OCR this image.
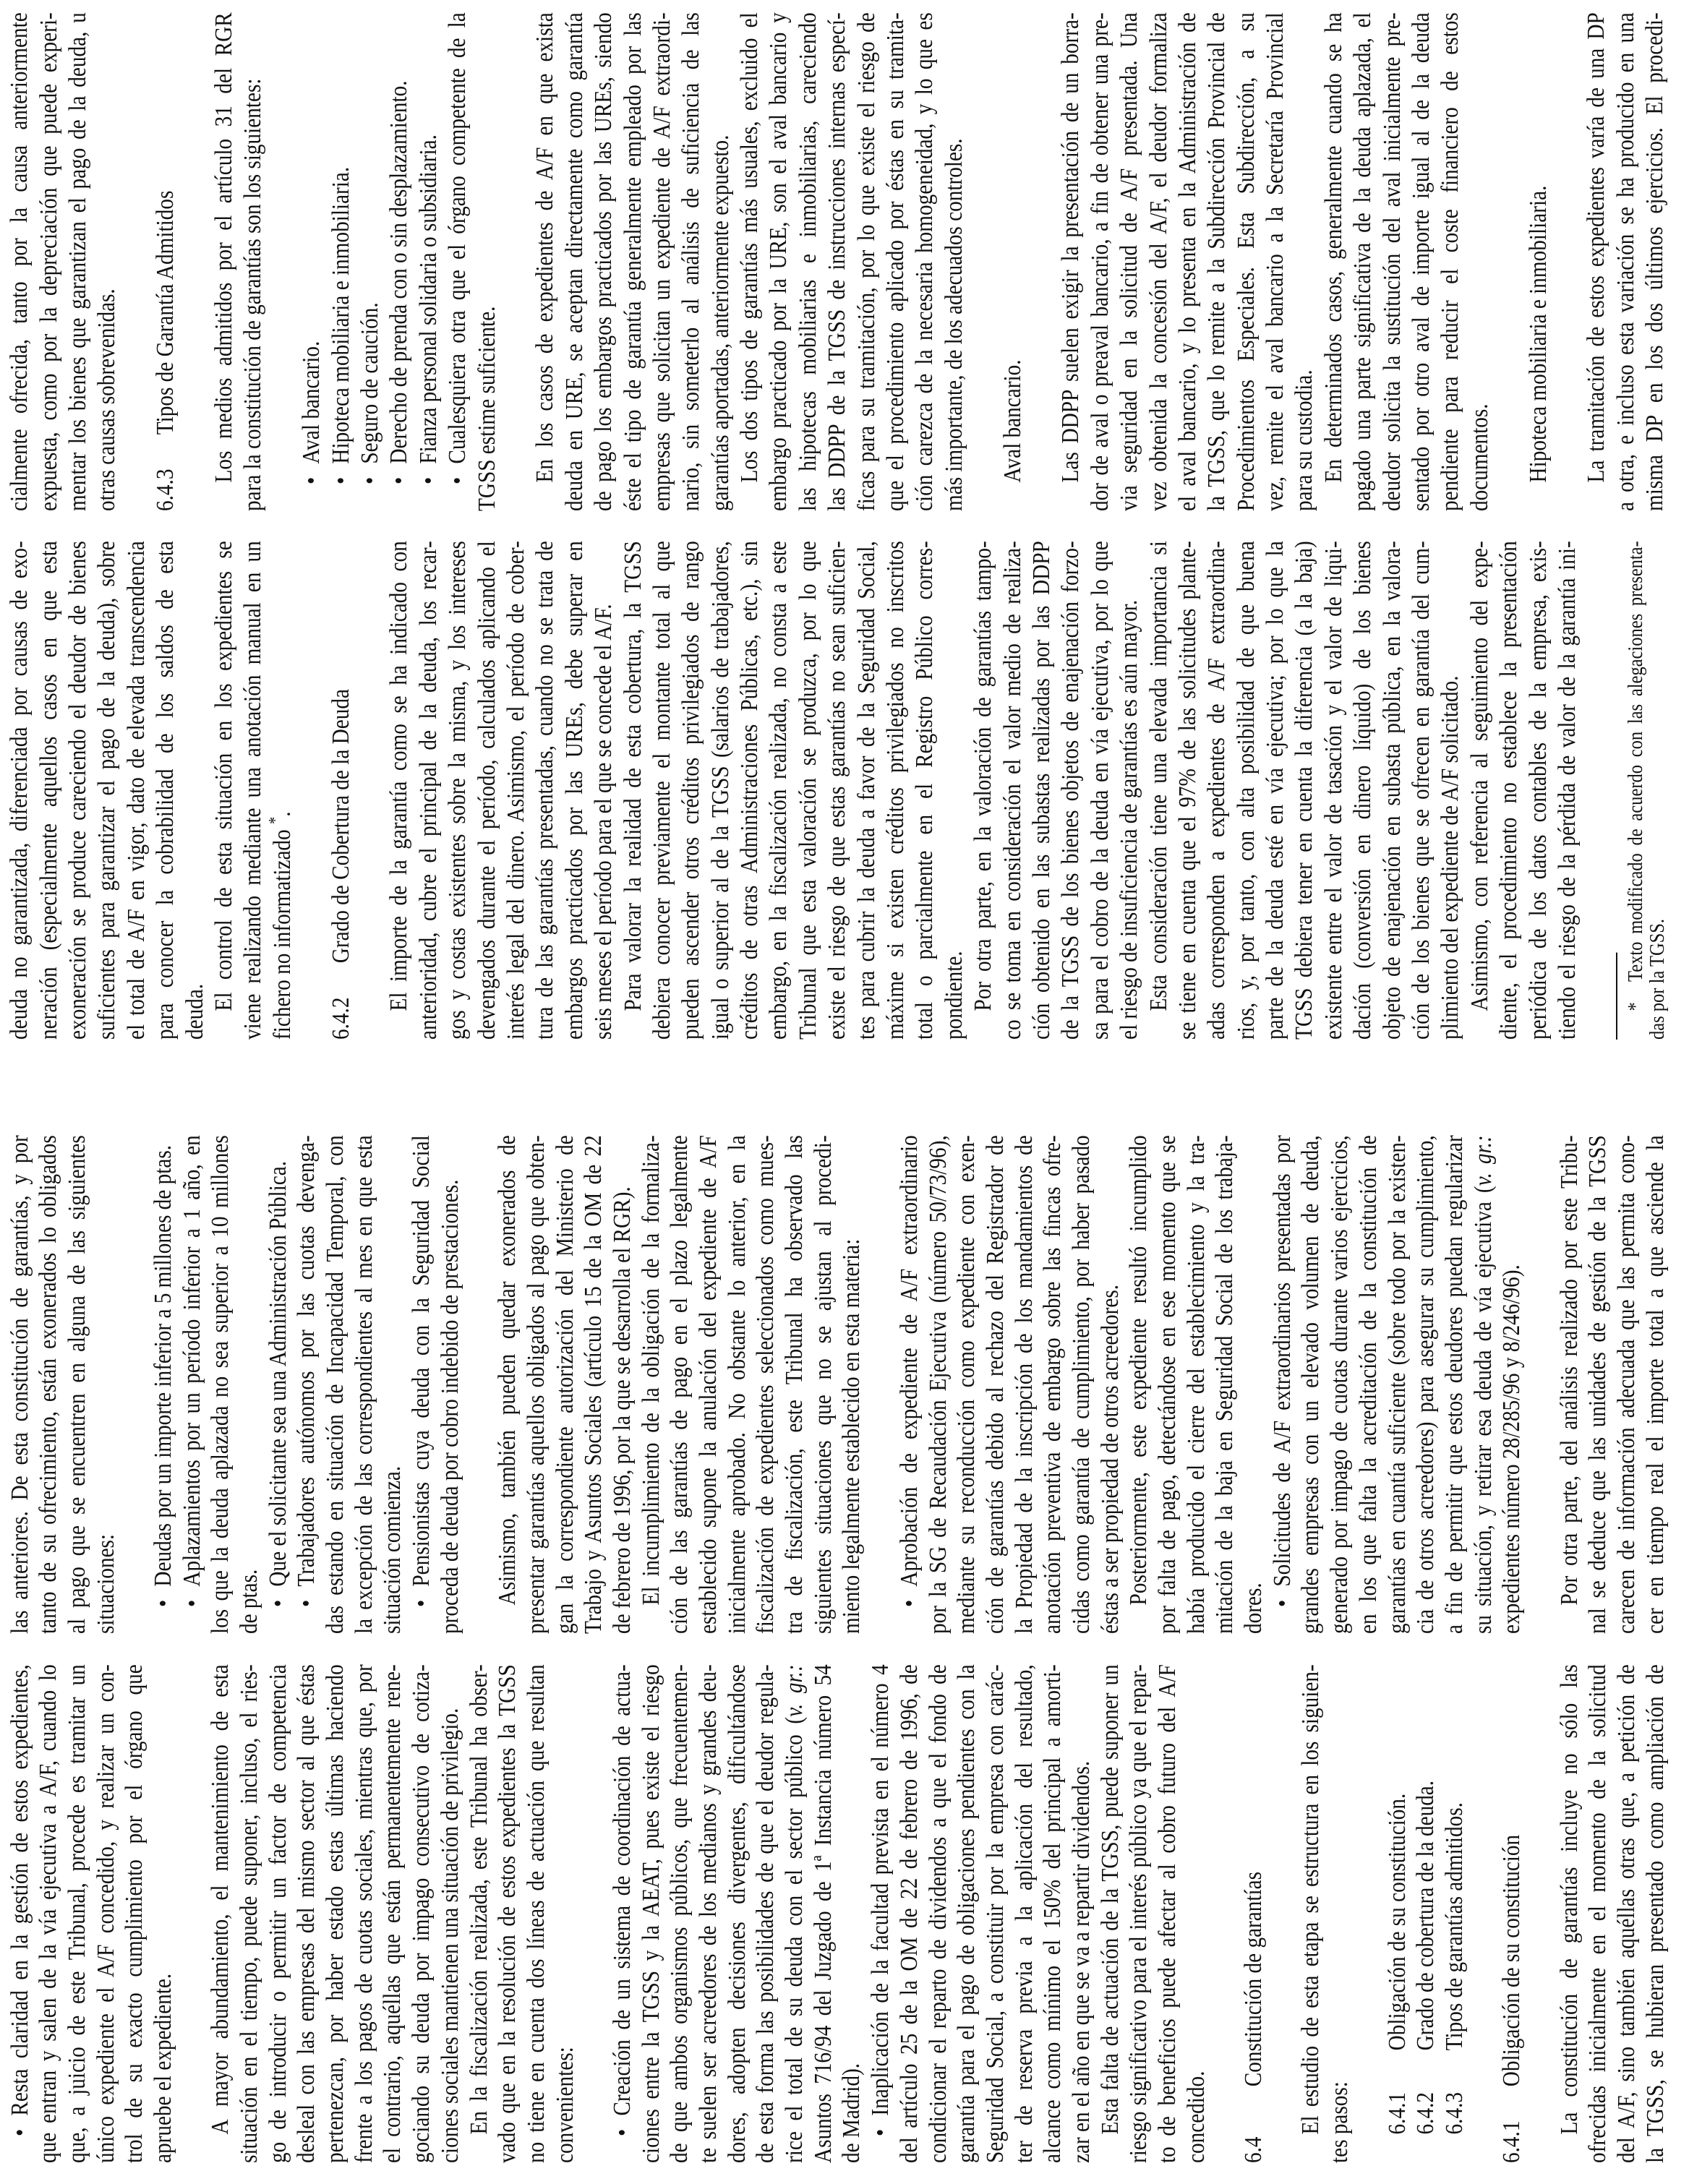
•
Resta claridad en la gestión de estos expedientes, que entran y salen de la vía ejecutiva a A/F, cuando lo que, a juicio de este Tribunal, procede es tramitar un único expediente el A/F concedido, y realizar un con- trol de su exacto cumplimiento por el órgano que apruebe el expediente. A mayor abundamiento, el mantenimiento de esta situación en el tiempo, puede suponer, incluso, el ries- go de introducir o permitir un factor de competencia desleal con las empresas del mismo sector al que éstas pertenezcan, por haber estado estas últimas haciendo frente a los pagos de cuotas sociales, mientras que, por el contrario, aquéllas que están permanentemente rene- gociando su deuda por impago consecutivo de cotiza- ciones sociales mantienen una situación de privilegio. En la fiscalización realizada, este Tribunal ha obser- vado que en la resolución de estos expedientes la TGSS no tiene en cuenta dos líneas de actuación que resultan convenientes: •
Creación de un sistema de coordinación de actua- ciones entre la TGSS y la AEAT, pues existe el riesgo de que ambos organismos públicos, que frecuentemen- te suelen ser acreedores de los medianos y grandes deu- dores, adopten decisiones divergentes, dificultándose de esta forma las posibilidades de que el deudor regula- rice el total de su deuda con el sector público (v. gr.: Asuntos 716/94 del Juzgado de 1ª Instancia número 54 de Madrid). •
Inaplicación de la facultad prevista en el número 4 del artículo 25 de la OM de 22 de febrero de 1996, de condicionar el reparto de dividendos a que el fondo de garantía para el pago de obligaciones pendientes con la Seguridad Social, a constituir por la empresa con carác- ter de reserva previa a la aplicación del resultado, alcance como mínimo el 150% del principal a amorti- zar en el año en que se va a repartir dividendos. Esta falta de actuación de la TGSS, puede suponer un riesgo significativo para el interés público ya que el repar- to de beneficios puede afectar al cobro futuro del A/F concedido. 6.4Constitución de garantías El estudio de esta etapa se estructura en los siguien- tes pasos: 6.4.1Obligación de su constitución.
6.4.2Grado de cobertura de la deuda.
6.4.3Tipos de garantías admitidos.
6.4.1Obligación de su constitución La constitución de garantías incluye no sólo las ofrecidas inicialmente en el momento de la solicitud del A/F, sino también aquéllas otras que, a petición de la TGSS, se hubieran presentado como ampliación de
las anteriores. De esta constitución de garantías, y por tanto de su ofrecimiento, están exonerados lo obligados al pago que se encuentren en alguna de las siguientes situaciones: •
Deudas por un importe inferior a 5 millones de ptas.
•
Aplazamientos por un período inferior a 1 año, en los que la deuda aplazada no sea superior a 10 millones de ptas. •
Que el solicitante sea una Administración Pública.
•
Trabajadores autónomos por las cuotas devenga- das estando en situación de Incapacidad Temporal, con la excepción de las correspondientes al mes en que esta situación comienza. •
Pensionistas cuya deuda con la Seguridad Social proceda de deuda por cobro indebido de prestaciones. Asimismo, también pueden quedar exonerados de presentar garantías aquellos obligados al pago que obten- gan la correspondiente autorización del Ministerio de Trabajo y Asuntos Sociales (artículo 15 de la OM de 22 de febrero de 1996, por la que se desarrolla el RGR). El incumplimiento de la obligación de la formaliza- ción de las garantías de pago en el plazo legalmente establecido supone la anulación del expediente de A/F inicialmente aprobado. No obstante lo anterior, en la fiscalización de expedientes seleccionados como mues- tra de fiscalización, este Tribunal ha observado las siguientes situaciones que no se ajustan al procedi- miento legalmente establecido en esta materia: •
Aprobación de expediente de A/F extraordinario por la SG de Recaudación Ejecutiva (número 50/73/96), mediante su reconducción como expediente con exen- ción de garantías debido al rechazo del Registrador de la Propiedad de la inscripción de los mandamientos de anotación preventiva de embargo sobre las fincas ofre- cidas como garantía de cumplimiento, por haber pasado éstas a ser propiedad de otros acreedores. Posteriormente, este expediente resultó incumplido por falta de pago, detectándose en ese momento que se había producido el cierre del establecimiento y la tra- mitación de la baja en Seguridad Social de los trabaja- dores. •
Solicitudes de A/F extraordinarios presentadas por grandes empresas con un elevado volumen de deuda, generado por impago de cuotas durante varios ejercicios, en los que falta la acreditación de la constitución de garantías en cuantía suficiente (sobre todo por la existen- cia de otros acreedores) para asegurar su cumplimiento, a fin de permitir que estos deudores puedan regularizar su situación, y retirar esa deuda de vía ejecutiva (v. gr.:
expedientes número 28/285/96 y 8/246/96). Por otra parte, del análisis realizado por este Tribu- nal se deduce que las unidades de gestión de la TGSS carecen de información adecuada que las permita cono- cer en tiempo real el importe total a que asciende la
deuda no garantizada, diferenciada por causas de exo- neración (especialmente aquellos casos en que esta exoneración se produce careciendo el deudor de bienes suficientes para garantizar el pago de la deuda), sobre el total de A/F en vigor, dato de elevada transcendencia para conocer la cobrabilidad de los saldos de esta deuda.
El control de esta situación en los expedientes se viene realizando mediante una anotación manual en un fichero no informatizado *.
6.4.2Grado de Cobertura de la Deuda El importe de la garantía como se ha indicado con anterioridad, cubre el principal de la deuda, los recar- gos y costas existentes sobre la misma, y los intereses devengados durante el período, calculados aplicando el interés legal del dinero. Asimismo, el período de cober- tura de las garantías presentadas, cuando no se trata de embargos practicados por las UREs, debe superar en seis meses el período para el que se concede el A/F. Para valorar la realidad de esta cobertura, la TGSS debiera conocer previamente el montante total al que pueden ascender otros créditos privilegiados de rango igual o superior al de la TGSS (salarios de trabajadores, créditos de otras Administraciones Públicas, etc.), sin embargo, en la fiscalización realizada, no consta a este Tribunal que esta valoración se produzca, por lo que existe el riesgo de que estas garantías no sean suficien- tes para cubrir la deuda a favor de la Seguridad Social, máxime si existen créditos privilegiados no inscritos total o parcialmente en el Registro Público corres- pondiente. Por otra parte, en la valoración de garantías tampo- co se toma en consideración el valor medio de realiza- ción obtenido en las subastas realizadas por las DDPP de la TGSS de los bienes objetos de enajenación forzo- sa para el cobro de la deuda en vía ejecutiva, por lo que el riesgo de insuficiencia de garantías es aún mayor. Esta consideración tiene una elevada importancia si se tiene en cuenta que el 97% de las solicitudes plante- adas corresponden a expedientes de A/F extraordina- rios, y, por tanto, con alta posibilidad de que buena parte de la deuda esté en vía ejecutiva; por lo que la TGSS debiera tener en cuenta la diferencia (a la baja) existente entre el valor de tasación y el valor de liqui- dación (conversión en dinero líquido) de los bienes objeto de enajenación en subasta pública, en la valora- ción de los bienes que se ofrecen en garantía del cum- plimiento del expediente de A/F solicitado. Asimismo, con referencia al seguimiento del expe- diente, el procedimiento no establece la presentación periódica de los datos contables de la empresa, exis- tiendo el riesgo de la pérdida de valor de la garantía ini- *
Texto modificado de acuerdo con las alegaciones presenta- das por la TGSS.
cialmente ofrecida, tanto por la causa anteriormente expuesta, como por la depreciación que puede experi- mentar los bienes que garantizan el pago de la deuda, u otras causas sobrevenidas. 6.4.3Tipos de Garantía Admitidos Los medios admitidos por el artículo 31 del RGR para la constitución de garantías son los siguientes: •
Aval bancario.
•
Hipoteca mobiliaria e inmobiliaria.
•
Seguro de caución.
•
Derecho de prenda con o sin desplazamiento.
•
Fianza personal solidaria o subsidiaria.
•
Cualesquiera otra que el órgano competente de la TGSS estime suficiente. En los casos de expedientes de A/F en que exista deuda en URE, se aceptan directamente como garantía de pago los embargos practicados por las UREs, siendo éste el tipo de garantía generalmente empleado por las empresas que solicitan un expediente de A/F extraordi- nario, sin someterlo al análisis de suficiencia de las garantías aportadas, anteriormente expuesto. Los dos tipos de garantías más usuales, excluido el embargo practicado por la URE, son el aval bancario y las hipotecas mobiliarias e inmobiliarias, careciendo las DDPP de la TGSS de instrucciones internas especí- ficas para su tramitación, por lo que existe el riesgo de que el procedimiento aplicado por éstas en su tramita- ción carezca de la necesaria homogeneidad, y lo que es más importante, de los adecuados controles. Aval bancario. Las DDPP suelen exigir la presentación de un borra- dor de aval o preaval bancario, a fin de obtener una pre- via seguridad en la solicitud de A/F presentada. Una vez obtenida la concesión del A/F, el deudor formaliza el aval bancario, y lo presenta en la Administración de la TGSS, que lo remite a la Subdirección Provincial de Procedimientos Especiales. Esta Subdirección, a su vez, remite el aval bancario a la Secretaría Provincial para su custodia. En determinados casos, generalmente cuando se ha pagado una parte significativa de la deuda aplazada, el deudor solicita la sustitución del aval inicialmente pre- sentado por otro aval de importe igual al de la deuda pendiente para reducir el coste financiero de estos documentos. Hipoteca mobiliaria e inmobiliaria. La tramitación de estos expedientes varía de una DP a otra, e incluso esta variación se ha producido en una misma DP en los dos últimos ejercicios. El procedi-
